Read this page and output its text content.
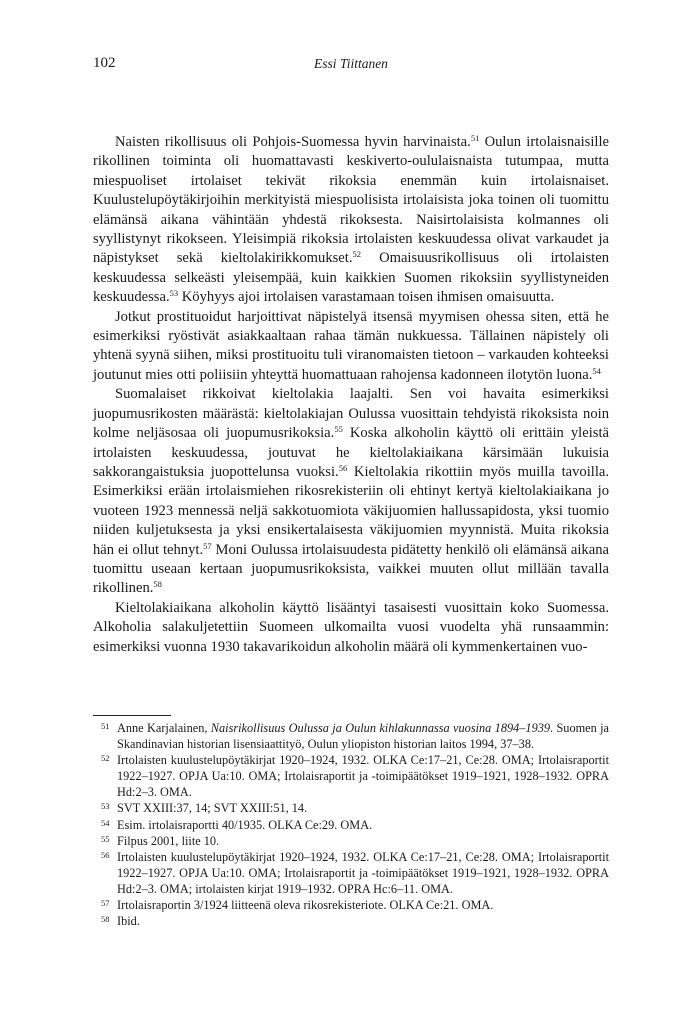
102	Essi Tiittanen

Naisten rikollisuus oli Pohjois-Suomessa hyvin harvinaista.$^{51}$ Oulun irtolaisnaisille rikollinen toiminta oli huomattavasti keskiverto-oululaisnaista tutumpaa, mutta miespuoliset irtolaiset tekivät rikoksia enemmän kuin irtolaisnaiset. Kuulustelupöytäkirjoihin merkityistä miespuolisista irtolaisista joka toinen oli tuomittu elämänsä aikana vähintään yhdestä rikoksesta. Naisirtolaisista kolmannes oli syyllistynyt rikokseen. Yleisimpiä rikoksia irtolaisten keskuudessa olivat varkaudet ja näpistykset sekä kieltolakirikkomukset.$^{52}$ Omaisuusrikollisuus oli irtolaisten keskuudessa selkeästi yleisempää, kuin kaikkien Suomen rikoksiin syyllistyneiden keskuudessa.$^{53}$ Köyhyys ajoi irtolaisen varastamaan toisen ihmisen omaisuutta.

Jotkut prostituoidut harjoittivat näpistelyä itsensä myymisen ohessa siten, että he esimerkiksi ryöstivät asiakkaaltaan rahaa tämän nukkuessa. Tällainen näpistely oli yhtenä syynä siihen, miksi prostituoitu tuli viranomaisten tietoon – varkauden kohteeksi joutunut mies otti poliisiin yhteyttä huomattuaan rahojensa kadonneen ilotytön luona.$^{54}$

Suomalaiset rikkoivat kieltolakia laajalti. Sen voi havaita esimerkiksi juopumusrikosten määrästä: kieltolakiajan Oulussa vuosittain tehdyistä rikoksista noin kolme neljäsosaa oli juopumusrikoksia.$^{55}$ Koska alkoholin käyttö oli erittäin yleistä irtolaisten keskuudessa, joutuvat he kieltolakiaikana kärsimään lukuisia sakkorangaistuksia juopottelunsa vuoksi.$^{56}$ Kieltolakia rikottiin myös muilla tavoilla. Esimerkiksi erään irtolaismiehen rikosrekisteriin oli ehtinyt kertyä kieltolakiaikana jo vuoteen 1923 mennessä neljä sakkotuomiota väkijuomien hallussapidosta, yksi tuomio niiden kuljetuksesta ja yksi ensikertalaisesta väkijuomien myynnistä. Muita rikoksia hän ei ollut tehnyt.$^{57}$ Moni Oulussa irtolaisuudesta pidätetty henkilö oli elämänsä aikana tuomittu useaan kertaan juopumusrikoksista, vaikkei muuten ollut millään tavalla rikollinen.$^{58}$

Kieltolakiaikana alkoholin käyttö lisääntyi tasaisesti vuosittain koko Suomessa. Alkoholia salakuljetettiin Suomeen ulkomailta vuosi vuodelta yhä runsaammin: esimerkiksi vuonna 1930 takavarikoidun alkoholin määrä oli kymmenkertainen vuo-

51 Anne Karjalainen, Naisrikollisuus Oulussa ja Oulun kihlakunnassa vuosina 1894–1939. Suomen ja Skandinavian historian lisensiaattityö, Oulun yliopiston historian laitos 1994, 37–38.
52 Irtolaisten kuulustelupöytäkirjat 1920–1924, 1932. OLKA Ce:17–21, Ce:28. OMA; Irtolaisraportit 1922–1927. OPJA Ua:10. OMA; Irtolaisraportit ja -toimipäätökset 1919–1921, 1928–1932. OPRA Hd:2–3. OMA.
53 SVT XXIII:37, 14; SVT XXIII:51, 14.
54 Esim. irtolaisraportti 40/1935. OLKA Ce:29. OMA.
55 Filpus 2001, liite 10.
56 Irtolaisten kuulustelupöytäkirjat 1920–1924, 1932. OLKA Ce:17–21, Ce:28. OMA; Irtolaisraportit 1922–1927. OPJA Ua:10. OMA; Irtolaisraportit ja -toimipäätökset 1919–1921, 1928–1932. OPRA Hd:2–3. OMA; irtolaisten kirjat 1919–1932. OPRA Hc:6–11. OMA.
57 Irtolaisraportin 3/1924 liitteenä oleva rikosrekisteriote. OLKA Ce:21. OMA.
58 Ibid.
